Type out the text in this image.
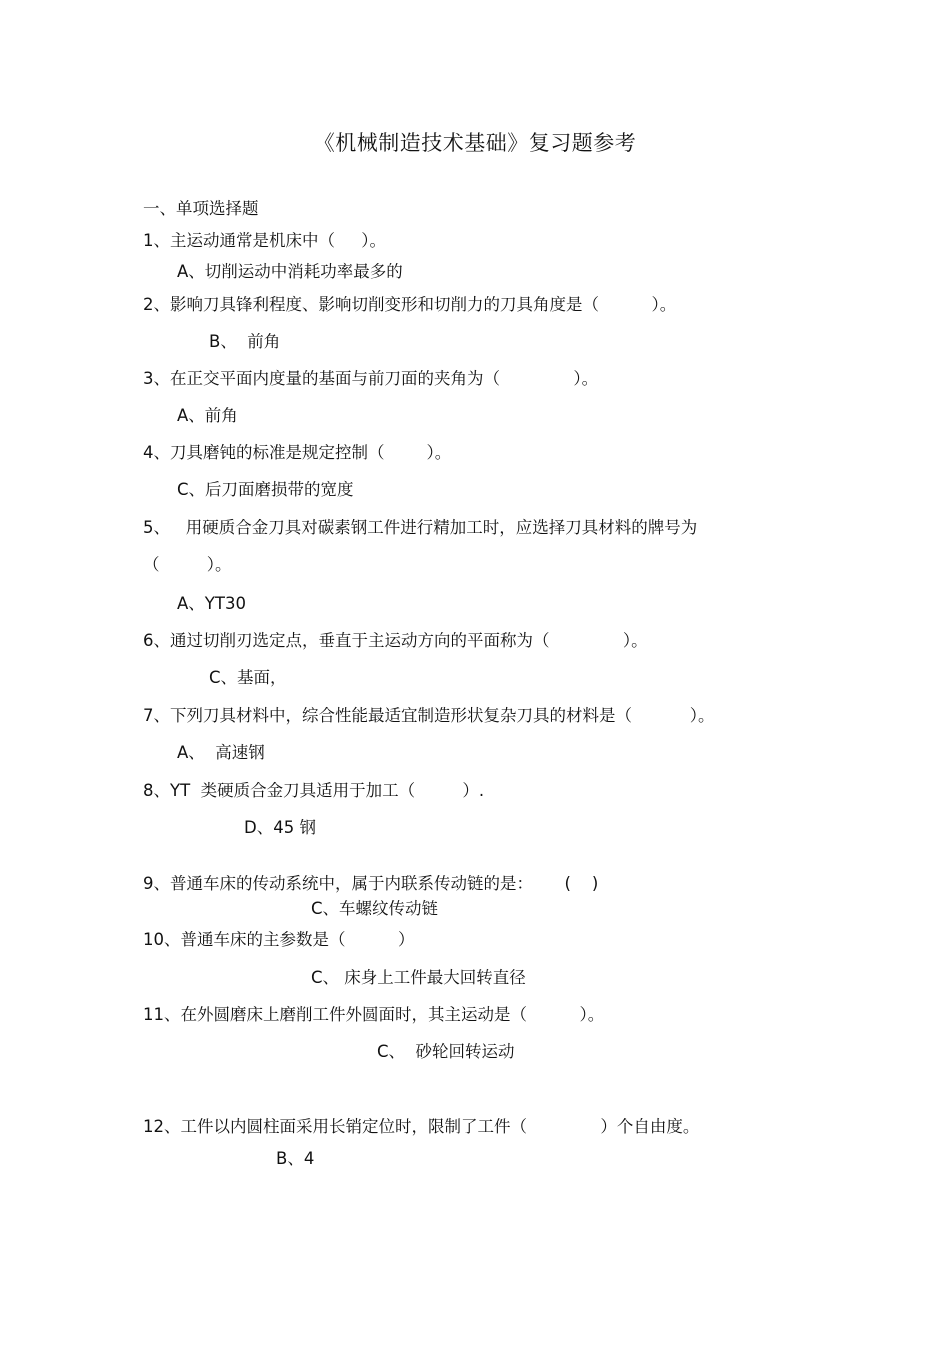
《机械制造技术基础》复习题参考
一、单项选择题
1、主运动通常是机床中（     ）。
A、切削运动中消耗功率最多的
2、影响刀具锋利程度、影响切削变形和切削力的刀具角度是（          ）。
B、  前角
3、在正交平面内度量的基面与前刀面的夹角为（              ）。
A、前角
4、刀具磨钝的标准是规定控制（        ）。
C、后刀面磨损带的宽度
5、   用硬质合金刀具对碳素钢工件进行精加工时，应选择刀具材料的牌号为
（         ）。
A、YT30
6、通过切削刃选定点，垂直于主运动方向的平面称为（              ）。
C、基面，
7、下列刀具材料中，综合性能最适宜制造形状复杂刀具的材料是（           ）。
A、  高速钢
8、YT  类硬质合金刀具适用于加工（         ）.
D、45 钢
9、普通车床的传动系统中，属于内联系传动链的是：      (    )
C、车螺纹传动链
10、普通车床的主参数是（          ）
C、 床身上工件最大回转直径
11、在外圆磨床上磨削工件外圆面时，其主运动是（          ）。
C、  砂轮回转运动
12、工件以内圆柱面采用长销定位时，限制了工件（              ）个自由度。
B、4
